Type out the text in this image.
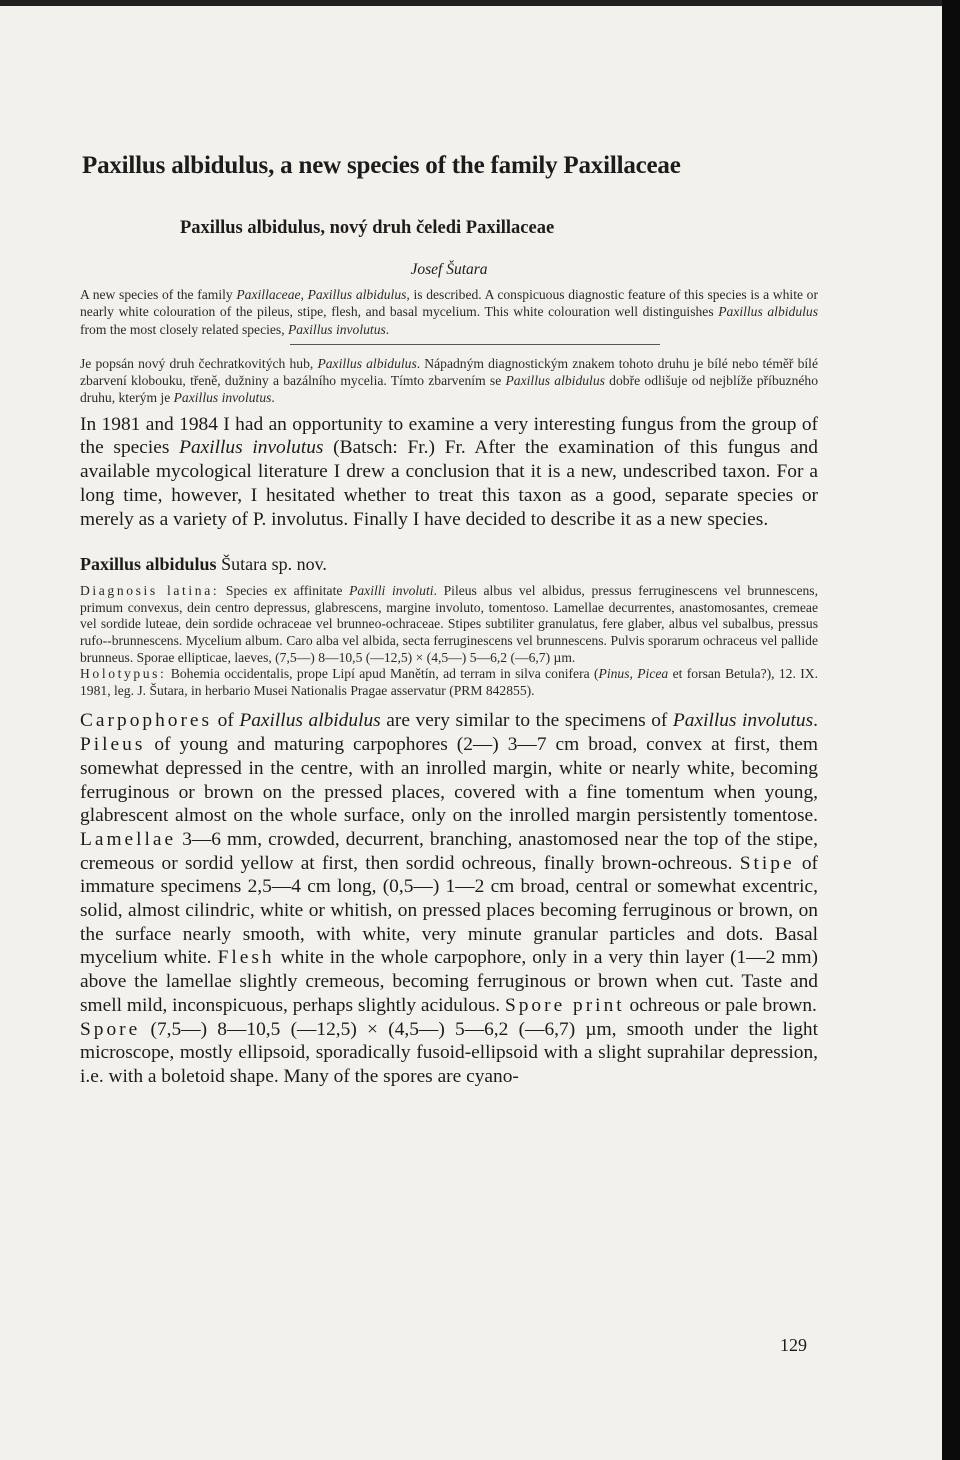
Paxillus albidulus, a new species of the family Paxillaceae
Paxillus albidulus, nový druh čeledi Paxillaceae
Josef Šutara
A new species of the family Paxillaceae, Paxillus albidulus, is described. A conspicuous diagnostic feature of this species is a white or nearly white colouration of the pileus, stipe, flesh, and basal mycelium. This white colouration well distinguishes Paxillus albidulus from the most closely related species, Paxillus involutus.
Je popsán nový druh čechratkovitých hub, Paxillus albidulus. Nápadným diagnostickým znakem tohoto druhu je bílé nebo téměř bílé zbarvení klobouku, třeně, dužniny a bazálního mycelia. Tímto zbarvením se Paxillus albidulus dobře odlišuje od nejblíže příbuzného druhu, kterým je Paxillus involutus.

In 1981 and 1984 I had an opportunity to examine a very interesting fungus from the group of the species Paxillus involutus (Batsch: Fr.) Fr. After the examination of this fungus and available mycological literature I drew a conclusion that it is a new, undescribed taxon. For a long time, however, I hesitated whether to treat this taxon as a good, separate species or merely as a variety of P. involutus. Finally I have decided to describe it as a new species.

Paxillus albidulus Šutara sp. nov.

Diagnosis latina: Species ex affinitate Paxilli involuti. Pileus albus vel albidus, pressus ferruginescens vel brunnescens, primum convexus, dein centro depressus, glabrescens, margine involuto, tomentoso. Lamellae decurrentes, anastomosantes, cremeae vel sordide luteae, dein sordide ochraceae vel brunneo-ochraceae. Stipes subtiliter granulatus, fere glaber, albus vel subalbus, pressus rufo--brunnescens. Mycelium album. Caro alba vel albida, secta ferruginescens vel brunnescens. Pulvis sporarum ochraceus vel pallide brunneus. Sporae ellipticae, laeves, (7,5—) 8—10,5 (—12,5) × (4,5—) 5—6,2 (—6,7) µm.

Holotypus: Bohemia occidentalis, prope Lipí apud Manětín, ad terram in silva conifera (Pinus, Picea et forsan Betula?), 12. IX. 1981, leg. J. Šutara, in herbario Musei Nationalis Pragae asservatur (PRM 842855).

Carpophores of Paxillus albidulus are very similar to the specimens of Paxillus involutus. Pileus of young and maturing carpophores (2—) 3—7 cm broad, convex at first, them somewhat depressed in the centre, with an inrolled margin, white or nearly white, becoming ferruginous or brown on the pressed places, covered with a fine tomentum when young, glabrescent almost on the whole surface, only on the inrolled margin persistently tomentose. Lamellae 3—6 mm, crowded, decurrent, branching, anastomosed near the top of the stipe, cremeous or sordid yellow at first, then sordid ochreous, finally brown-ochreous. Stipe of immature specimens 2,5—4 cm long, (0,5—) 1—2 cm broad, central or somewhat excentric, solid, almost cilindric, white or whitish, on pressed places becoming ferruginous or brown, on the surface nearly smooth, with white, very minute granular particles and dots. Basal mycelium white. Flesh white in the whole carpophore, only in a very thin layer (1—2 mm) above the lamellae slightly cremeous, becoming ferruginous or brown when cut. Taste and smell mild, inconspicuous, perhaps slightly acidulous. Spore print ochreous or pale brown.

Spore (7,5—) 8—10,5 (—12,5) × (4,5—) 5—6,2 (—6,7) µm, smooth under the light microscope, mostly ellipsoid, sporadically fusoid-ellipsoid with a slight suprahilar depression, i.e. with a boletoid shape. Many of the spores are cyano-

129
